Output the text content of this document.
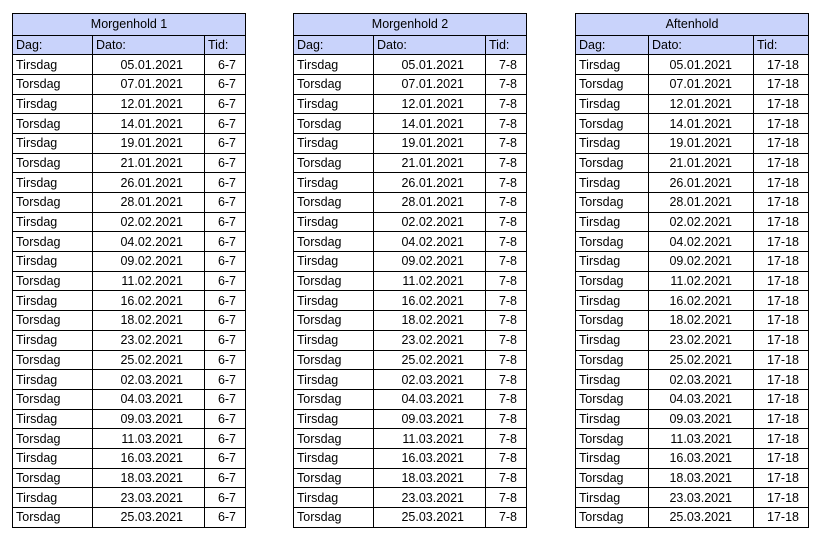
Morgenhold 1		
Dag:	Dato:	Tid:
Tirsdag	05.01.2021	6-7
Torsdag	07.01.2021	6-7
Tirsdag	12.01.2021	6-7
Torsdag	14.01.2021	6-7
Tirsdag	19.01.2021	6-7
Torsdag	21.01.2021	6-7
Tirsdag	26.01.2021	6-7
Torsdag	28.01.2021	6-7
Tirsdag	02.02.2021	6-7
Torsdag	04.02.2021	6-7
Tirsdag	09.02.2021	6-7
Torsdag	11.02.2021	6-7
Tirsdag	16.02.2021	6-7
Torsdag	18.02.2021	6-7
Tirsdag	23.02.2021	6-7
Torsdag	25.02.2021	6-7
Tirsdag	02.03.2021	6-7
Torsdag	04.03.2021	6-7
Tirsdag	09.03.2021	6-7
Torsdag	11.03.2021	6-7
Tirsdag	16.03.2021	6-7
Torsdag	18.03.2021	6-7
Tirsdag	23.03.2021	6-7
Torsdag	25.03.2021	6-7
Morgenhold 2		
Dag:	Dato:	Tid:
Tirsdag	05.01.2021	7-8
Torsdag	07.01.2021	7-8
Tirsdag	12.01.2021	7-8
Torsdag	14.01.2021	7-8
Tirsdag	19.01.2021	7-8
Torsdag	21.01.2021	7-8
Tirsdag	26.01.2021	7-8
Torsdag	28.01.2021	7-8
Tirsdag	02.02.2021	7-8
Torsdag	04.02.2021	7-8
Tirsdag	09.02.2021	7-8
Torsdag	11.02.2021	7-8
Tirsdag	16.02.2021	7-8
Torsdag	18.02.2021	7-8
Tirsdag	23.02.2021	7-8
Torsdag	25.02.2021	7-8
Tirsdag	02.03.2021	7-8
Torsdag	04.03.2021	7-8
Tirsdag	09.03.2021	7-8
Torsdag	11.03.2021	7-8
Tirsdag	16.03.2021	7-8
Torsdag	18.03.2021	7-8
Tirsdag	23.03.2021	7-8
Torsdag	25.03.2021	7-8
Aftenhold		
Dag:	Dato:	Tid:
Tirsdag	05.01.2021	17-18
Torsdag	07.01.2021	17-18
Tirsdag	12.01.2021	17-18
Torsdag	14.01.2021	17-18
Tirsdag	19.01.2021	17-18
Torsdag	21.01.2021	17-18
Tirsdag	26.01.2021	17-18
Torsdag	28.01.2021	17-18
Tirsdag	02.02.2021	17-18
Torsdag	04.02.2021	17-18
Tirsdag	09.02.2021	17-18
Torsdag	11.02.2021	17-18
Tirsdag	16.02.2021	17-18
Torsdag	18.02.2021	17-18
Tirsdag	23.02.2021	17-18
Torsdag	25.02.2021	17-18
Tirsdag	02.03.2021	17-18
Torsdag	04.03.2021	17-18
Tirsdag	09.03.2021	17-18
Torsdag	11.03.2021	17-18
Tirsdag	16.03.2021	17-18
Torsdag	18.03.2021	17-18
Tirsdag	23.03.2021	17-18
Torsdag	25.03.2021	17-18
